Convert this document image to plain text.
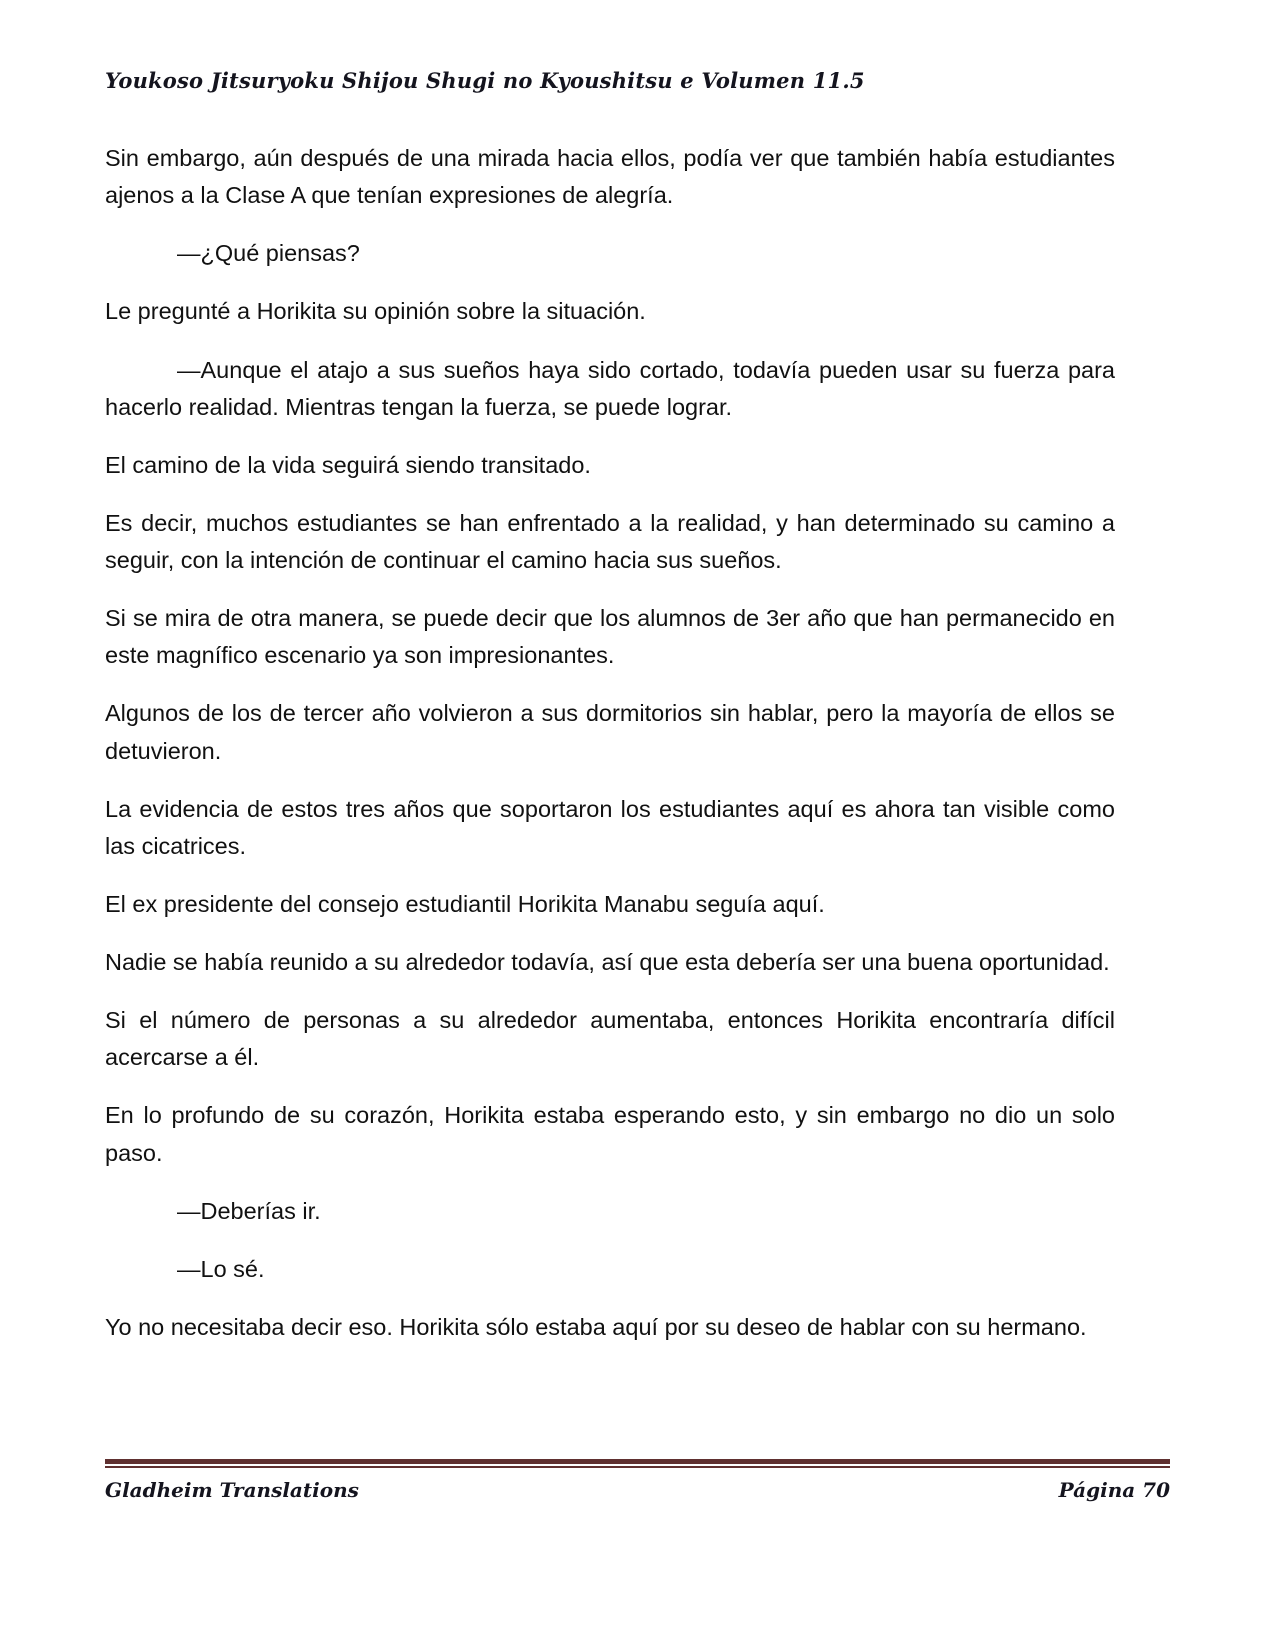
Youkoso Jitsuryoku Shijou Shugi no Kyoushitsu e Volumen 11.5

Sin embargo, aún después de una mirada hacia ellos, podía ver que también había estudiantes ajenos a la Clase A que tenían expresiones de alegría.

—¿Qué piensas?

Le pregunté a Horikita su opinión sobre la situación.

—Aunque el atajo a sus sueños haya sido cortado, todavía pueden usar su fuerza para hacerlo realidad. Mientras tengan la fuerza, se puede lograr.

El camino de la vida seguirá siendo transitado.

Es decir, muchos estudiantes se han enfrentado a la realidad, y han determinado su camino a seguir, con la intención de continuar el camino hacia sus sueños.

Si se mira de otra manera, se puede decir que los alumnos de 3er año que han permanecido en este magnífico escenario ya son impresionantes.

Algunos de los de tercer año volvieron a sus dormitorios sin hablar, pero la mayoría de ellos se detuvieron.

La evidencia de estos tres años que soportaron los estudiantes aquí es ahora tan visible como las cicatrices.

El ex presidente del consejo estudiantil Horikita Manabu seguía aquí.

Nadie se había reunido a su alrededor todavía, así que esta debería ser una buena oportunidad.

Si el número de personas a su alrededor aumentaba, entonces Horikita encontraría difícil acercarse a él.

En lo profundo de su corazón, Horikita estaba esperando esto, y sin embargo no dio un solo paso.

—Deberías ir.

—Lo sé.

Yo no necesitaba decir eso. Horikita sólo estaba aquí por su deseo de hablar con su hermano.

Gladheim Translations	Página 70
